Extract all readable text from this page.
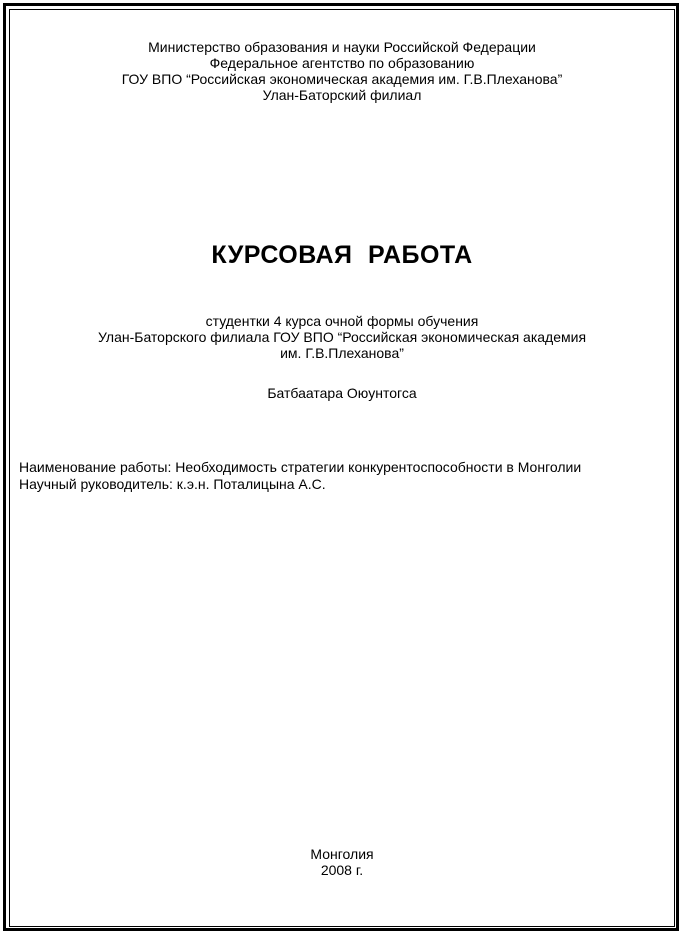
Министерство образования и науки Российской Федерации
Федеральное агентство по образованию
ГОУ ВПО “Российская экономическая академия им. Г.В.Плеханова”
Улан-Баторский филиал
КУРСОВАЯ РАБОТА
студентки 4 курса очной формы обучения
Улан-Баторского филиала ГОУ ВПО “Российская экономическая академия
им. Г.В.Плеханова”
Батбаатара Оюунтогса
Наименование работы: Необходимость стратегии конкурентоспособности в Монголии
Научный руководитель: к.э.н. Поталицына А.С.
Монголия
2008 г.
